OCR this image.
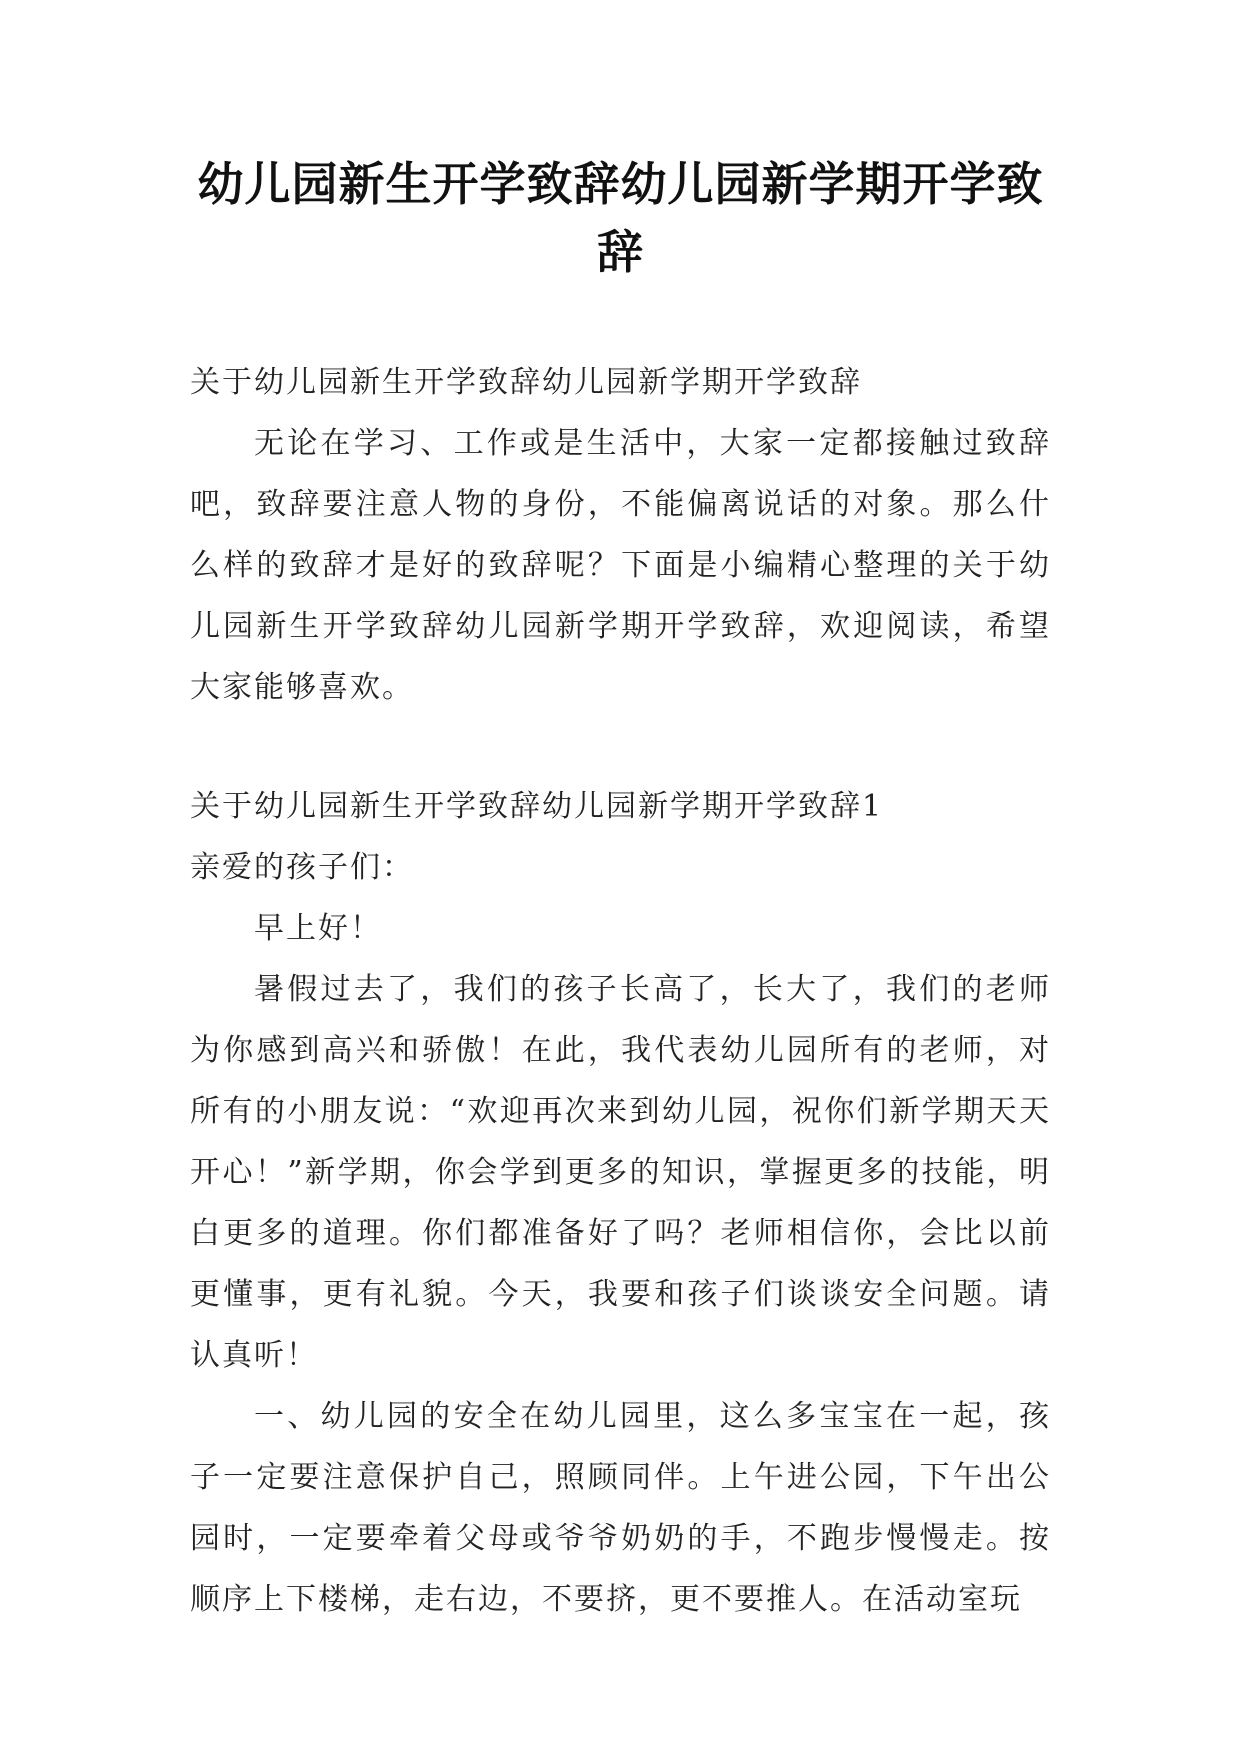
幼儿园新生开学致辞幼儿园新学期开学致辞

关于幼儿园新生开学致辞幼儿园新学期开学致辞

无论在学习、工作或是生活中，大家一定都接触过致辞吧，致辞要注意人物的身份，不能偏离说话的对象。那么什么样的致辞才是好的致辞呢？下面是小编精心整理的关于幼儿园新生开学致辞幼儿园新学期开学致辞，欢迎阅读，希望大家能够喜欢。

关于幼儿园新生开学致辞幼儿园新学期开学致辞1

亲爱的孩子们：

早上好！

暑假过去了，我们的孩子长高了，长大了，我们的老师为你感到高兴和骄傲！在此，我代表幼儿园所有的老师，对所有的小朋友说：“欢迎再次来到幼儿园，祝你们新学期天天开心！”新学期，你会学到更多的知识，掌握更多的技能，明白更多的道理。你们都准备好了吗？老师相信你，会比以前更懂事，更有礼貌。今天，我要和孩子们谈谈安全问题。请认真听！

一、幼儿园的安全在幼儿园里，这么多宝宝在一起，孩子一定要注意保护自己，照顾同伴。上午进公园，下午出公园时，一定要牵着父母或爷爷奶奶的手，不跑步慢慢走。按顺序上下楼梯，走右边，不要挤，更不要推人。在活动室玩
